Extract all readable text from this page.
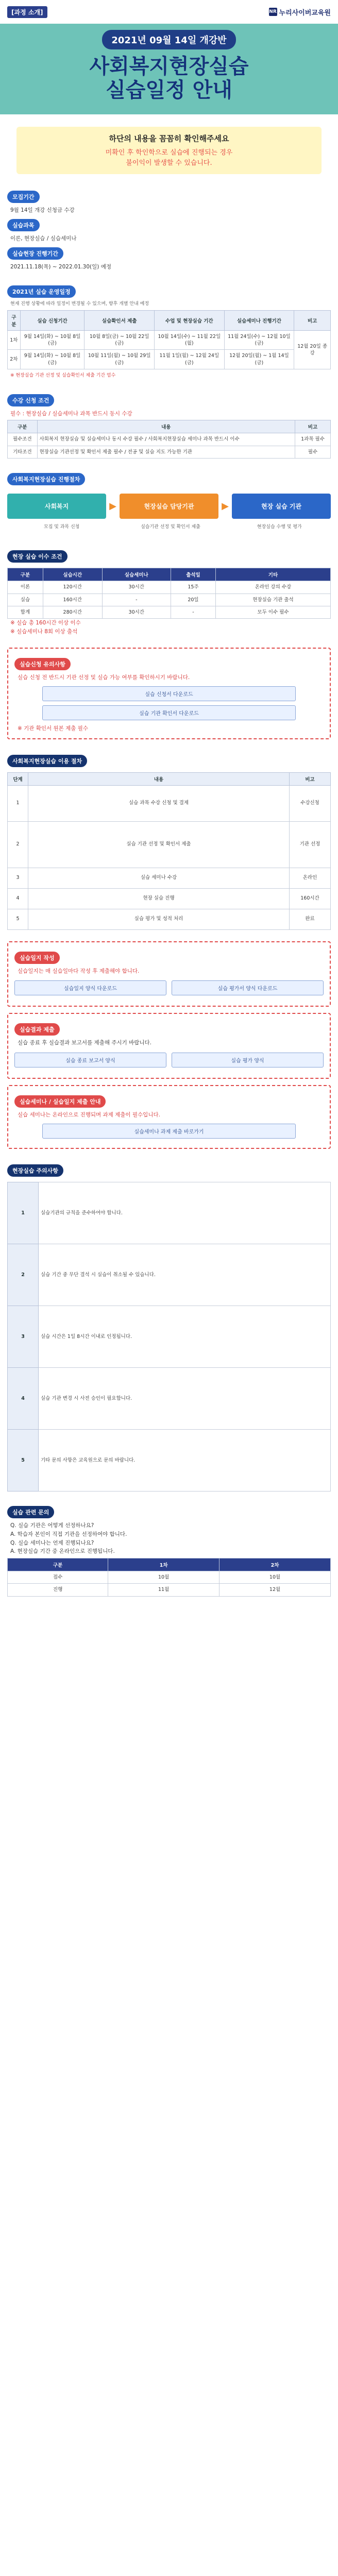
[과정 소개]	NR 누리사이버교육원
2021년 09월 14일 개강반
사회복지현장실습
실습일정 안내
하단의 내용을 꼼꼼히 확인해주세요
미확인 후 학인학으로 실습에 진행되는 경우
불이익이 발생할 수 있습니다.
모집기간
9월 14일 개강 신청금 수강
실습과목
이론, 현장실습 / 실습세미나
실습현장 진행기간
2021.11.18(목) ~ 2022.01.30(일) 예정
2021년 실습 운영일정
현재 진행 상황에 따라 일정이 변경될 수 있으며, 향후 개별 안내 예정
구분	실습 신청기간	실습확인서 제출	수업 및 현장실습 기간	실습세미나 진행기간	비고
1차	9월 14일(화) ~ 10월 8일(금)	10월 8일(금) ~ 10월 22일(금)	10월 14일(수) ~ 11월 22일(월)	11월 24일(수) ~ 12월 10일(금)	12월 20일 종강
2차	9월 14일(화) ~ 10월 8일(금)	10월 11일(월) ~ 10월 29일(금)	11월 1일(월) ~ 12월 24일(금)	12월 20일(월) ~ 1월 14일(금)	
※ 현장실습 기관 선정 및 실습확인서 제출 기간 엄수
수강 신청 조건
필수 : 현장실습 / 실습세미나 과목 반드시 동시 수강
구분	내용	비고
필수조건	사회복지 현장실습 및 실습세미나 동시 수강 필수 / 사회복지현장실습 세미나 과목 반드시 이수	1과목 필수
기타조건	현장실습 기관선정 및 확인서 제출 필수 / 전공 및 실습 지도 가능한 기관	필수
사회복지현장실습 진행절차
사회복지	▶	현장실습 담당기관	▶	현장 실습 기관
모집 및 과목 신청	실습기관 선정 및 확인서 제출	현장실습 수행 및 평가
현장 실습 이수 조건
구분	실습시간	실습세미나	출석일	기타
이론	120시간	30시간	15주	온라인 강의 수강
실습	160시간	-	20일	현장실습 기관 출석
합계	280시간	30시간	-	모두 이수 필수
※ 실습 총 160시간 이상 이수
※ 실습세미나 8회 이상 출석
실습신청 유의사항
실습 신청 전 반드시 기관 선정 및 실습 가능 여부를 확인하시기 바랍니다.
실습 신청서 다운로드
실습 기관 확인서 다운로드
※ 기관 확인서 원본 제출 필수
사회복지현장실습 이용 절차
단계	내용	비고
1	실습 과목 수강 신청 및 결제	수강신청
2	실습 기관 선정 및 확인서 제출	기관 선정
3	실습 세미나 수강	온라인
4	현장 실습 진행	160시간
5	실습 평가 및 성적 처리	완료
실습일지 작성
실습일지는 매 실습일마다 작성 후 제출해야 합니다.
실습일지 양식 다운로드	실습 평가서 양식 다운로드
실습결과 제출
실습 종료 후 실습결과 보고서를 제출해 주시기 바랍니다.
실습 종료 보고서 양식	실습 평가 양식
실습세미나 / 실습일지 제출 안내
실습 세미나는 온라인으로 진행되며 과제 제출이 필수입니다.
실습세미나 과제 제출 바로가기
현장실습 주의사항
1	실습기관의 규칙을 준수하여야 합니다.
2	실습 기간 중 무단 결석 시 실습이 취소될 수 있습니다.
3	실습 시간은 1일 8시간 이내로 인정됩니다.
4	실습 기관 변경 시 사전 승인이 필요합니다.
5	기타 문의 사항은 교육원으로 문의 바랍니다.
실습 관련 문의
Q. 실습 기관은 어떻게 선정하나요?
A. 학습자 본인이 직접 기관을 선정하여야 합니다.
Q. 실습 세미나는 언제 진행되나요?
A. 현장실습 기간 중 온라인으로 진행됩니다.
구분	1차	2차
접수	10월	10월
진행	11월	12월
